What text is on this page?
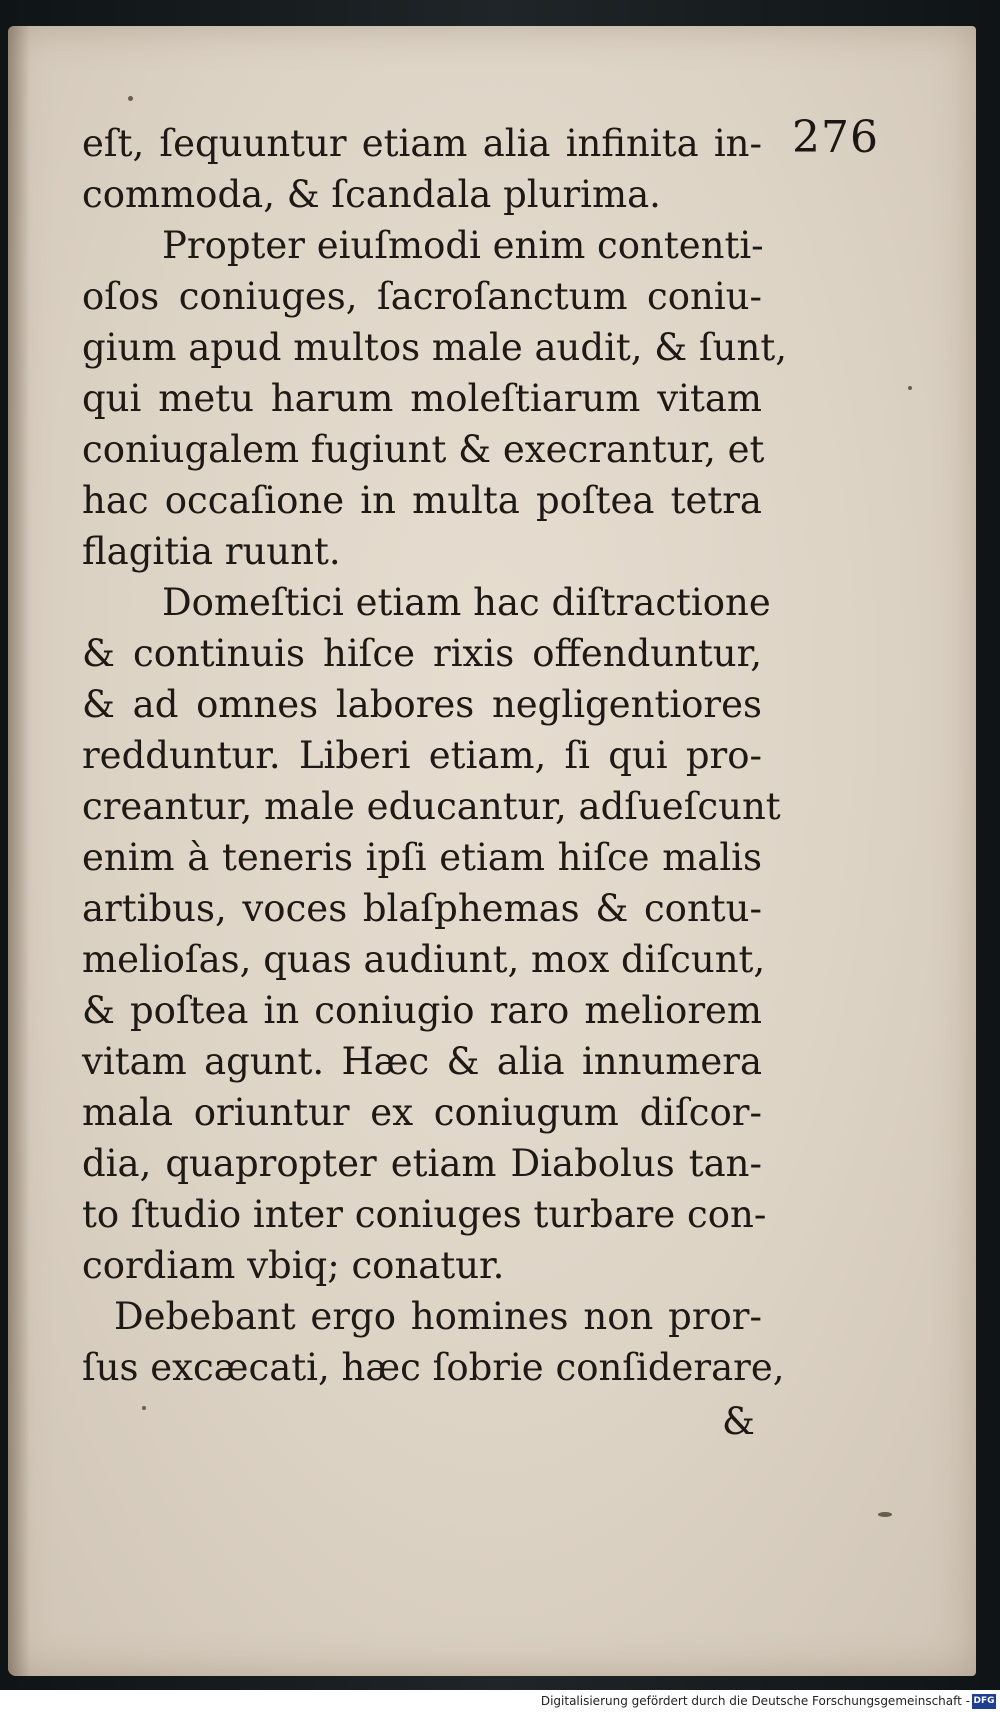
276
eſt, ſequuntur etiam alia infinita in-
commoda, & ſcandala plurima.
Propter eiuſmodi enim contenti-
oſos coniuges, ſacroſanctum coniu-
gium apud multos male audit, & ſunt,
qui metu harum moleſtiarum vitam
coniugalem fugiunt & execrantur, et
hac occaſione in multa poſtea tetra
flagitia ruunt.
Domeſtici etiam hac diſtractione
& continuis hiſce rixis offenduntur,
& ad omnes labores negligentiores
redduntur. Liberi etiam, ſi qui pro-
creantur, male educantur, adſueſcunt
enim à teneris ipſi etiam hiſce malis
artibus, voces blaſphemas & contu-
melioſas, quas audiunt, mox diſcunt,
& poſtea in coniugio raro meliorem
vitam agunt. Hæc & alia innumera
mala oriuntur ex coniugum diſcor-
dia, quapropter etiam Diabolus tan-
to ſtudio inter coniuges turbare con-
cordiam vbiq; conatur.
Debebant ergo homines non pror-
ſus excæcati, hæc ſobrie conſiderare,
&
Digitalisierung gefördert durch die Deutsche Forschungsgemeinschaft - DFG
